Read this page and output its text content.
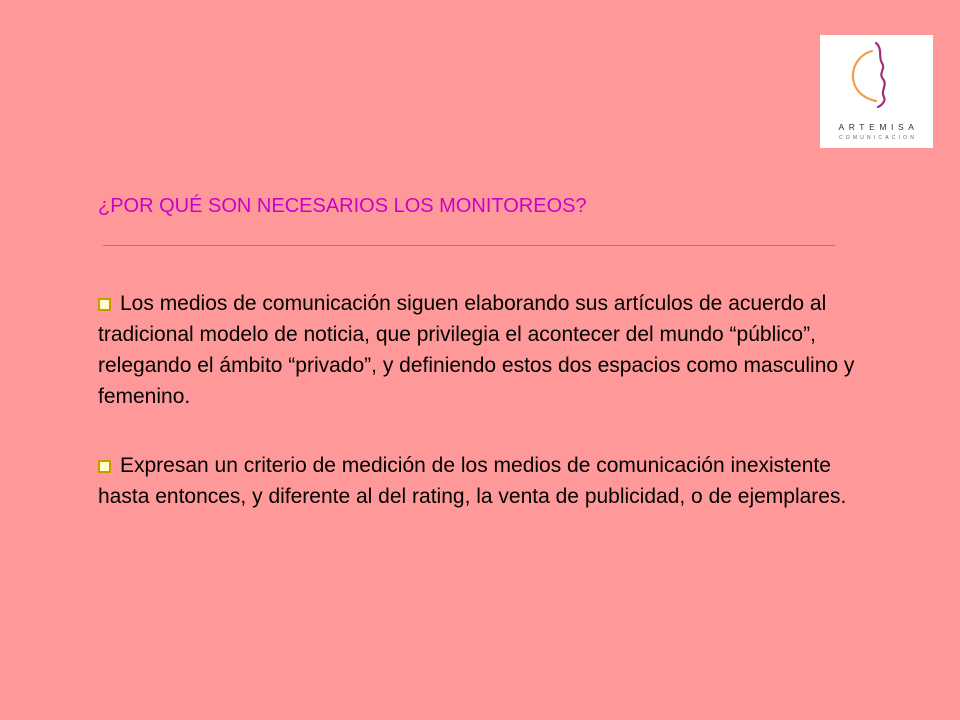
ARTEMISA
COMUNICACION
¿POR QUÉ SON NECESARIOS LOS MONITOREOS?

Los medios de comunicación siguen elaborando sus artículos de acuerdo al tradicional modelo de noticia, que privilegia el acontecer del mundo “público”, relegando el ámbito “privado”, y definiendo estos dos espacios como masculino y femenino.

Expresan un criterio de medición de los medios de comunicación inexistente hasta entonces, y diferente al del rating, la venta de publicidad, o de ejemplares.
